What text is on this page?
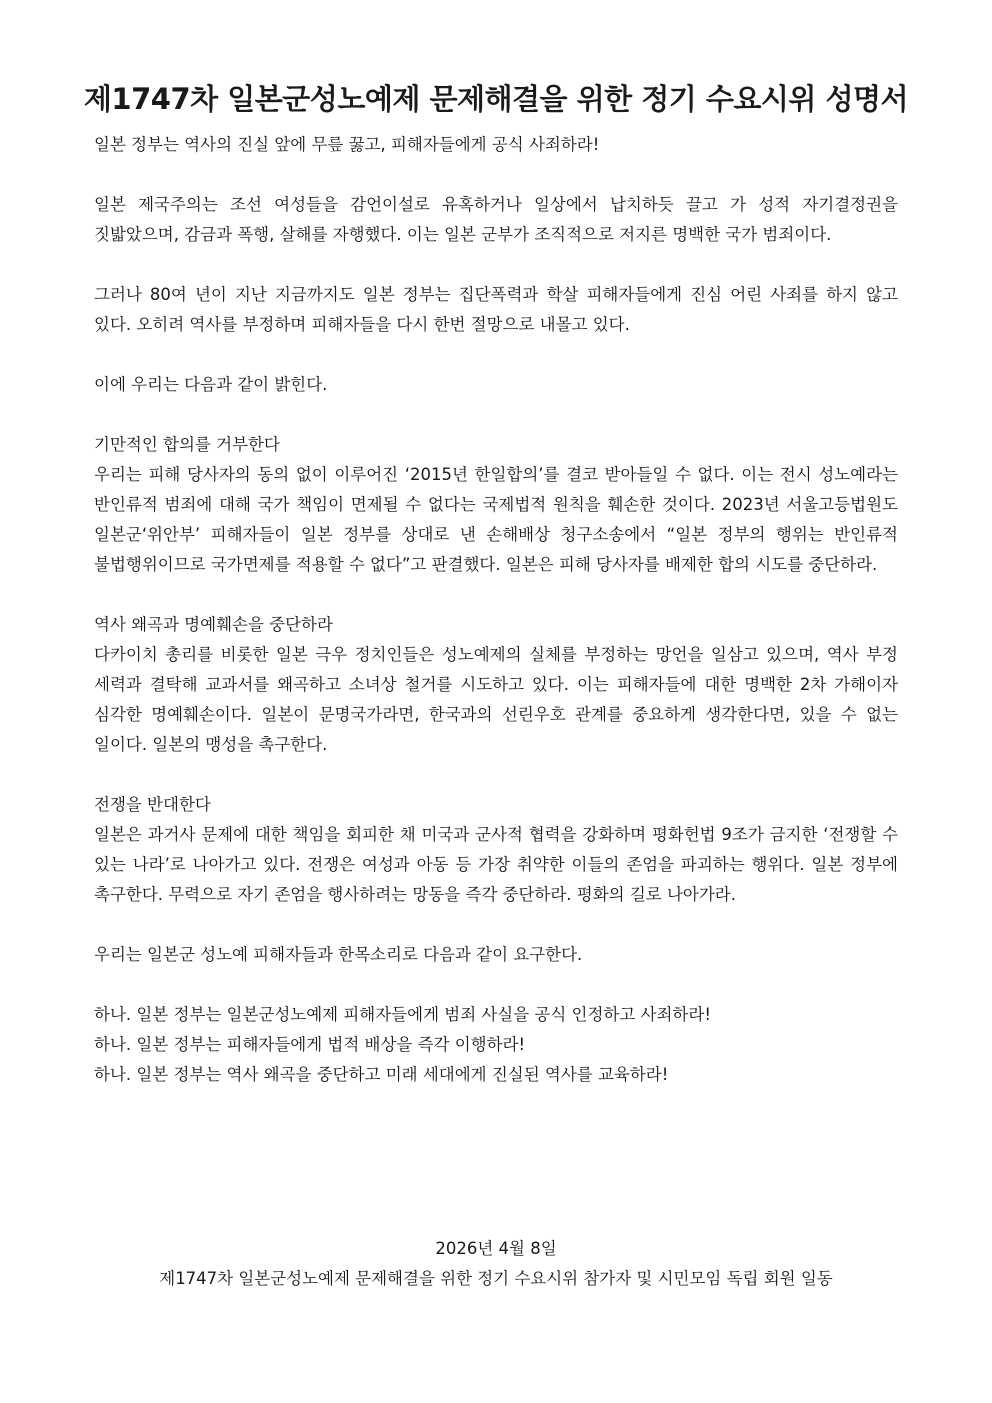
제1747차 일본군성노예제 문제해결을 위한 정기 수요시위 성명서

일본 정부는 역사의 진실 앞에 무릎 꿇고, 피해자들에게 공식 사죄하라!

일본 제국주의는 조선 여성들을 감언이설로 유혹하거나 일상에서 납치하듯 끌고 가 성적 자기결정권을 짓밟았으며, 감금과 폭행, 살해를 자행했다. 이는 일본 군부가 조직적으로 저지른 명백한 국가 범죄이다.

그러나 80여 년이 지난 지금까지도 일본 정부는 집단폭력과 학살 피해자들에게 진심 어린 사죄를 하지 않고 있다. 오히려 역사를 부정하며 피해자들을 다시 한번 절망으로 내몰고 있다.

이에 우리는 다음과 같이 밝힌다.

기만적인 합의를 거부한다

우리는 피해 당사자의 동의 없이 이루어진 ‘2015년 한일합의’를 결코 받아들일 수 없다. 이는 전시 성노예라는 반인류적 범죄에 대해 국가 책임이 면제될 수 없다는 국제법적 원칙을 훼손한 것이다. 2023년 서울고등법원도 일본군‘위안부’ 피해자들이 일본 정부를 상대로 낸 손해배상 청구소송에서 “일본 정부의 행위는 반인류적 불법행위이므로 국가면제를 적용할 수 없다”고 판결했다. 일본은 피해 당사자를 배제한 합의 시도를 중단하라.

역사 왜곡과 명예훼손을 중단하라

다카이치 총리를 비롯한 일본 극우 정치인들은 성노예제의 실체를 부정하는 망언을 일삼고 있으며, 역사 부정 세력과 결탁해 교과서를 왜곡하고 소녀상 철거를 시도하고 있다. 이는 피해자들에 대한 명백한 2차 가해이자 심각한 명예훼손이다. 일본이 문명국가라면, 한국과의 선린우호 관계를 중요하게 생각한다면, 있을 수 없는 일이다. 일본의 맹성을 촉구한다.

전쟁을 반대한다

일본은 과거사 문제에 대한 책임을 회피한 채 미국과 군사적 협력을 강화하며 평화헌법 9조가 금지한 ‘전쟁할 수 있는 나라’로 나아가고 있다. 전쟁은 여성과 아동 등 가장 취약한 이들의 존엄을 파괴하는 행위다. 일본 정부에 촉구한다. 무력으로 자기 존엄을 행사하려는 망동을 즉각 중단하라. 평화의 길로 나아가라.

우리는 일본군 성노예 피해자들과 한목소리로 다음과 같이 요구한다.

하나. 일본 정부는 일본군성노예제 피해자들에게 범죄 사실을 공식 인정하고 사죄하라!

하나. 일본 정부는 피해자들에게 법적 배상을 즉각 이행하라!

하나. 일본 정부는 역사 왜곡을 중단하고 미래 세대에게 진실된 역사를 교육하라!

2026년 4월 8일
제1747차 일본군성노예제 문제해결을 위한 정기 수요시위 참가자 및 시민모임 독립 회원 일동
